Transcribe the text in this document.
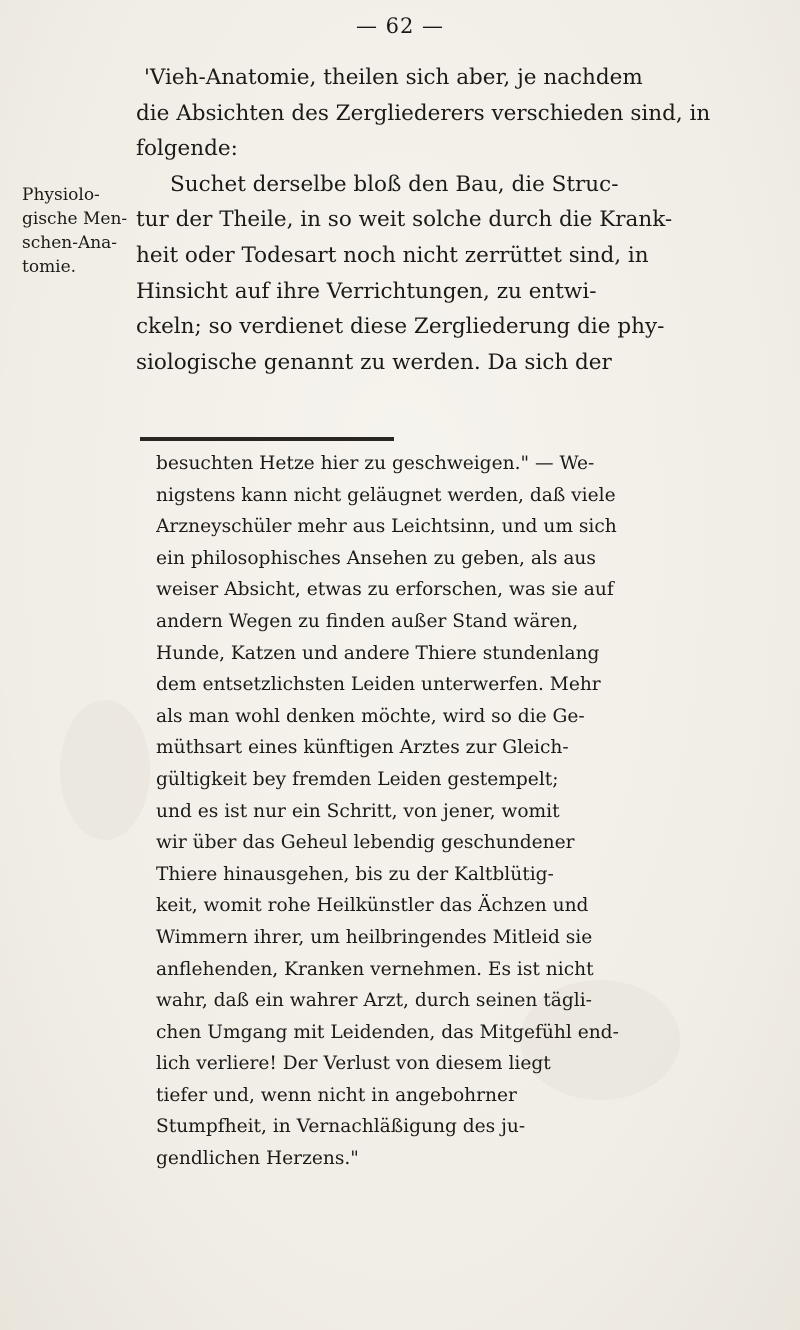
— 62 —
Physiolo-
gische Men-
schen-Ana-
tomie.
'Vieh-Anatomie, theilen sich aber, je nachdem
die Absichten des Zergliederers verschieden sind, in
folgende:
Suchet derselbe bloß den Bau, die Struc-
tur der Theile, in so weit solche durch die Krank-
heit oder Todesart noch nicht zerrüttet sind, in
Hinsicht auf ihre Verrichtungen, zu entwi-
ckeln; so verdienet diese Zergliederung die phy-
siologische genannt zu werden. Da sich der
besuchten Hetze hier zu geschweigen." — We-
nigstens kann nicht geläugnet werden, daß viele
Arzneyschüler mehr aus Leichtsinn, und um sich
ein philosophisches Ansehen zu geben, als aus
weiser Absicht, etwas zu erforschen, was sie auf
andern Wegen zu finden außer Stand wären,
Hunde, Katzen und andere Thiere stundenlang
dem entsetzlichsten Leiden unterwerfen. Mehr
als man wohl denken möchte, wird so die Ge-
müthsart eines künftigen Arztes zur Gleich-
gültigkeit bey fremden Leiden gestempelt;
und es ist nur ein Schritt, von jener, womit
wir über das Geheul lebendig geschundener
Thiere hinausgehen, bis zu der Kaltblütig-
keit, womit rohe Heilkünstler das Ächzen und
Wimmern ihrer, um heilbringendes Mitleid sie
anflehenden, Kranken vernehmen. Es ist nicht
wahr, daß ein wahrer Arzt, durch seinen tägli-
chen Umgang mit Leidenden, das Mitgefühl end-
lich verliere! Der Verlust von diesem liegt
tiefer und, wenn nicht in angebohrner
Stumpfheit, in Vernachläßigung des ju-
gendlichen Herzens."
